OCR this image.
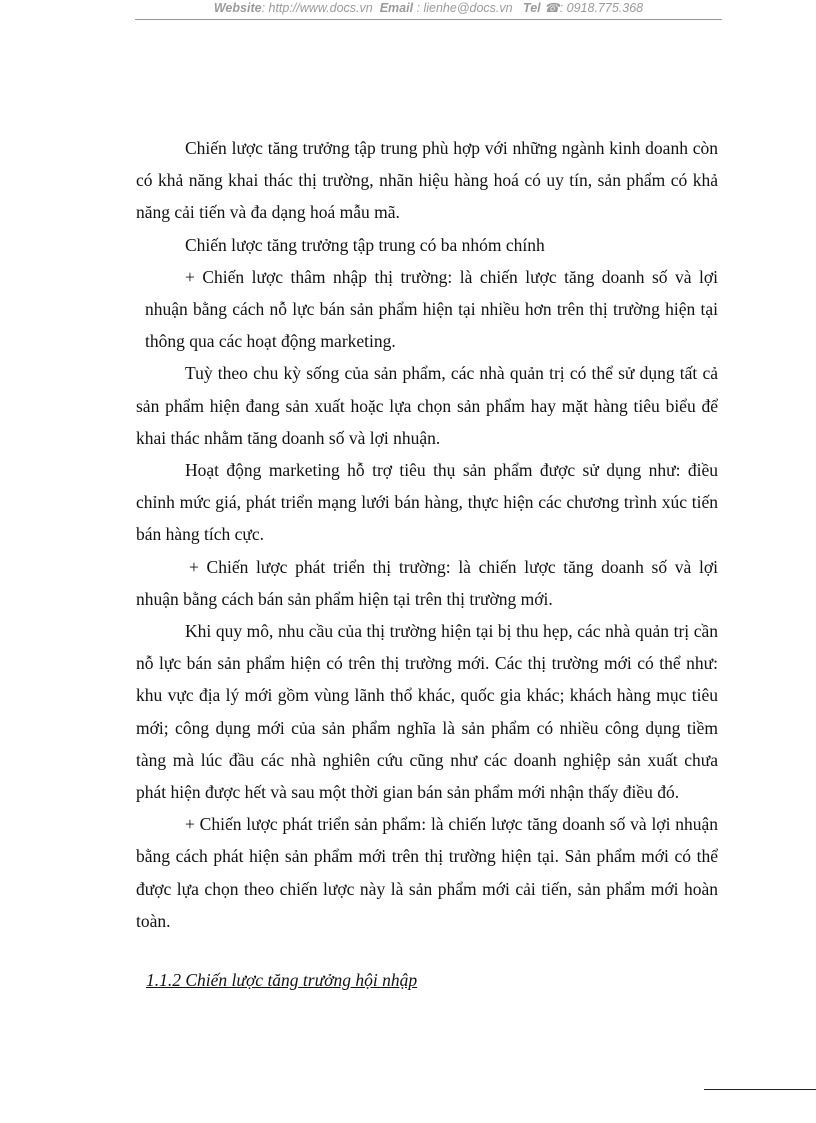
Website: http://www.docs.vn Email : lienhe@docs.vn Tel ☎: 0918.775.368
Chiến lược tăng trưởng tập trung phù hợp với những ngành kinh doanh còn có khả năng khai thác thị trường, nhãn hiệu hàng hoá có uy tín, sản phẩm có khả năng cải tiến và đa dạng hoá mẫu mã.
Chiến lược tăng trưởng tập trung có ba nhóm chính
+ Chiến lược thâm nhập thị trường: là chiến lược tăng doanh số và lợi nhuận bằng cách nỗ lực bán sản phẩm hiện tại nhiều hơn trên thị trường hiện tại thông qua các hoạt động marketing.
Tuỳ theo chu kỳ sống của sản phẩm, các nhà quản trị có thể sử dụng tất cả sản phẩm hiện đang sản xuất hoặc lựa chọn sản phẩm hay mặt hàng tiêu biểu để khai thác nhằm tăng doanh số và lợi nhuận.
Hoạt động marketing hỗ trợ tiêu thụ sản phẩm được sử dụng như: điều chỉnh mức giá, phát triển mạng lưới bán hàng, thực hiện các chương trình xúc tiến bán hàng tích cực.
+ Chiến lược phát triển thị trường: là chiến lược tăng doanh số và lợi nhuận bằng cách bán sản phẩm hiện tại trên thị trường mới.
Khi quy mô, nhu cầu của thị trường hiện tại bị thu hẹp, các nhà quản trị cần nỗ lực bán sản phẩm hiện có trên thị trường mới. Các thị trường mới có thể như: khu vực địa lý mới gồm vùng lãnh thổ khác, quốc gia khác; khách hàng mục tiêu mới; công dụng mới của sản phẩm nghĩa là sản phẩm có nhiều công dụng tiềm tàng mà lúc đầu các nhà nghiên cứu cũng như các doanh nghiệp sản xuất chưa phát hiện được hết và sau một thời gian bán sản phẩm mới nhận thấy điều đó.
+ Chiến lược phát triển sản phẩm: là chiến lược tăng doanh số và lợi nhuận bằng cách phát hiện sản phẩm mới trên thị trường hiện tại. Sản phẩm mới có thể được lựa chọn theo chiến lược này là sản phẩm mới cải tiến, sản phẩm mới hoàn toàn.
1.1.2 Chiến lược tăng trưởng hội nhập
